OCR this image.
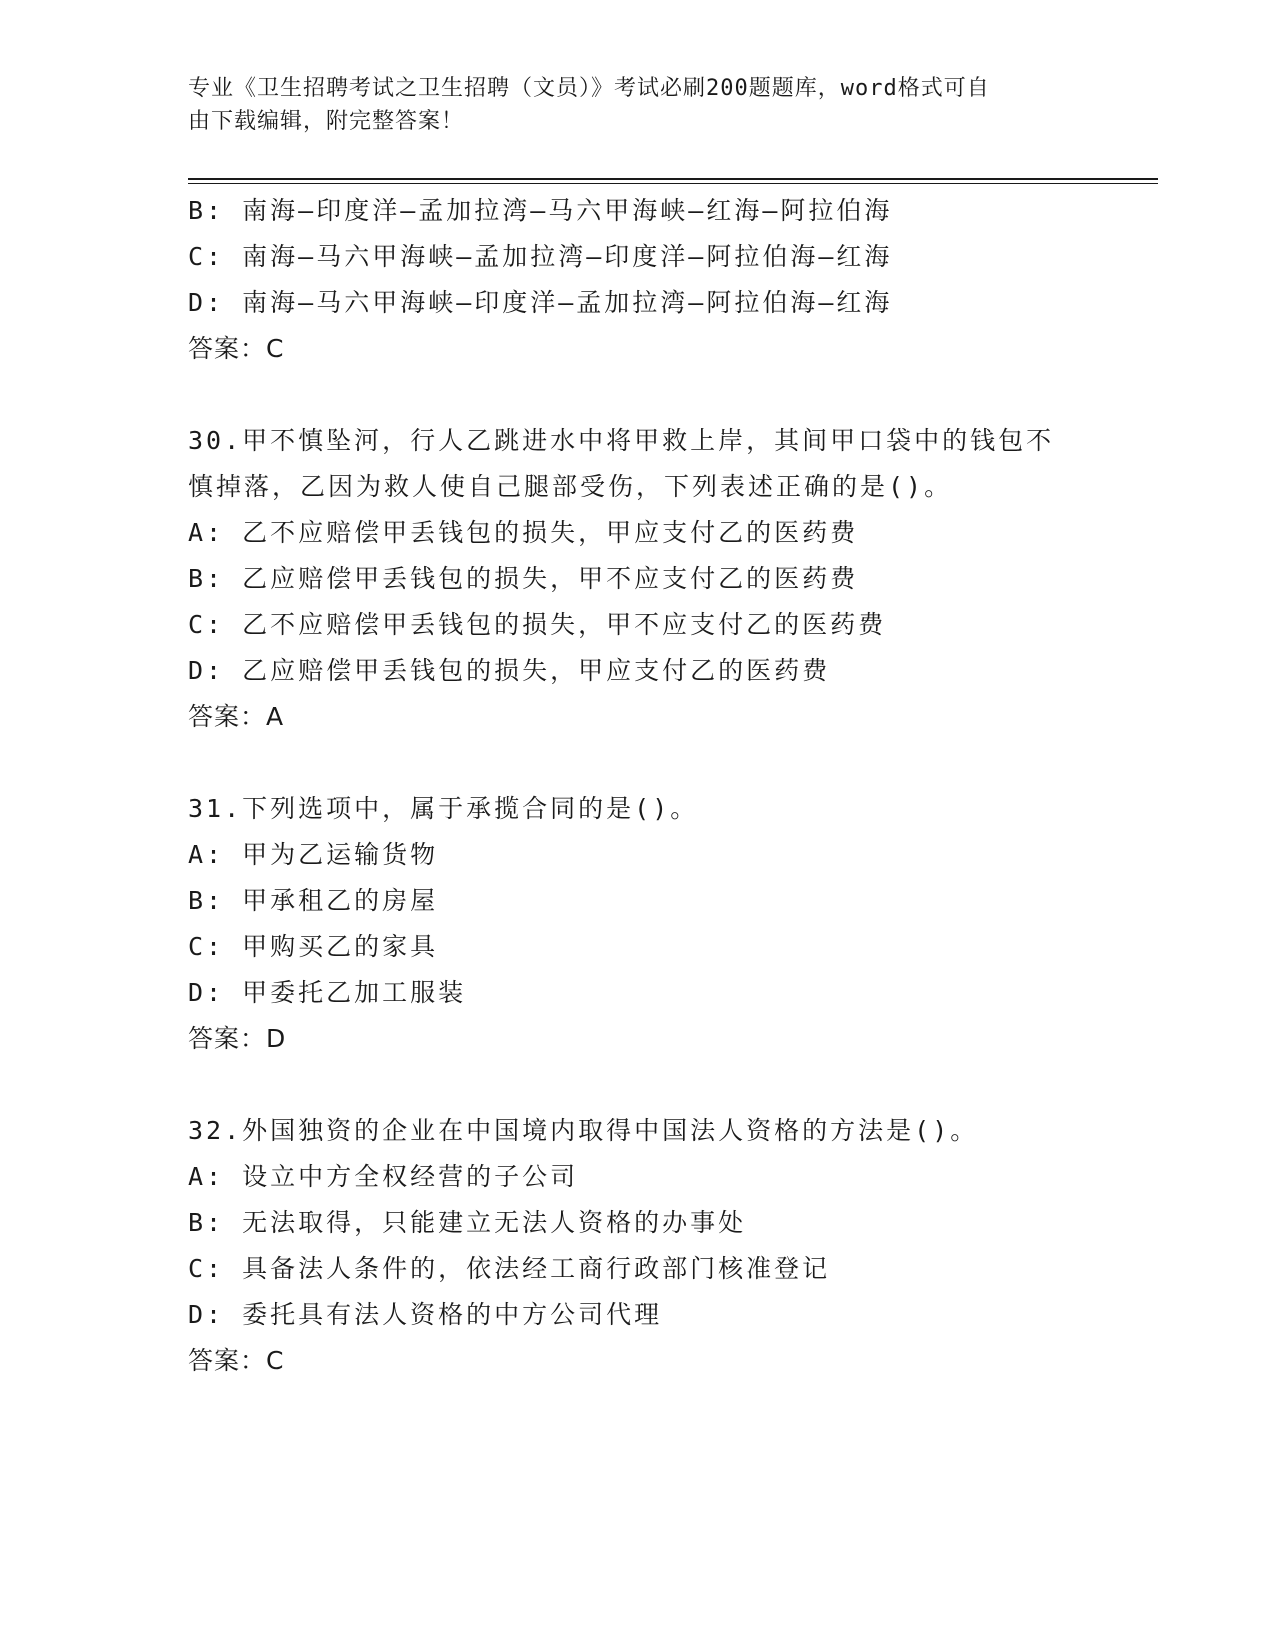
专业《卫生招聘考试之卫生招聘（文员）》考试必刷200题题库，word格式可自
由下载编辑，附完整答案！
B: 南海—印度洋—孟加拉湾—马六甲海峡—红海—阿拉伯海
C: 南海—马六甲海峡—孟加拉湾—印度洋—阿拉伯海—红海
D: 南海—马六甲海峡—印度洋—孟加拉湾—阿拉伯海—红海
答案：C
30.甲不慎坠河，行人乙跳进水中将甲救上岸，其间甲口袋中的钱包不
慎掉落，乙因为救人使自己腿部受伤，下列表述正确的是()。
A: 乙不应赔偿甲丢钱包的损失，甲应支付乙的医药费
B: 乙应赔偿甲丢钱包的损失，甲不应支付乙的医药费
C: 乙不应赔偿甲丢钱包的损失，甲不应支付乙的医药费
D: 乙应赔偿甲丢钱包的损失，甲应支付乙的医药费
答案：A
31.下列选项中，属于承揽合同的是()。
A: 甲为乙运输货物
B: 甲承租乙的房屋
C: 甲购买乙的家具
D: 甲委托乙加工服装
答案：D
32.外国独资的企业在中国境内取得中国法人资格的方法是()。
A: 设立中方全权经营的子公司
B: 无法取得，只能建立无法人资格的办事处
C: 具备法人条件的，依法经工商行政部门核准登记
D: 委托具有法人资格的中方公司代理
答案：C
